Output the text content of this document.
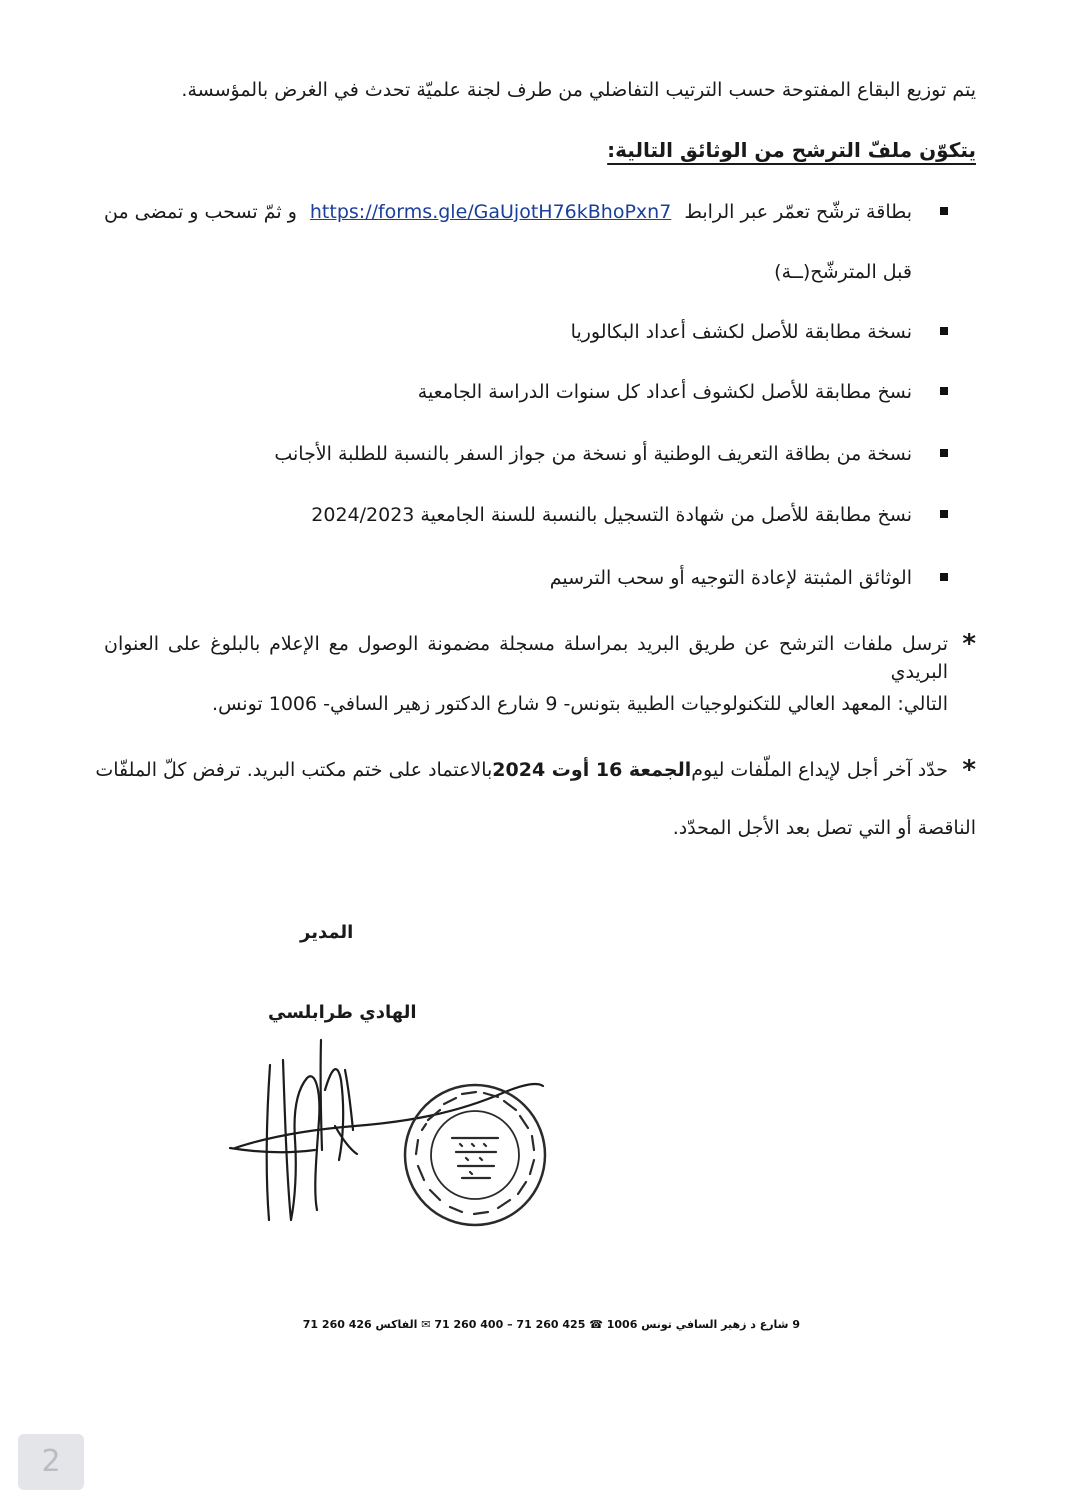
يتم توزيع البقاع المفتوحة حسب الترتيب التفاضلي من طرف لجنة علميّة تحدث في الغرض بالمؤسسة.
يتكوّن ملفّ الترشح من الوثائق التالية:
بطاقة ترشّح تعمّر عبر الرابط
https://forms.gle/GaUjotH76kBhoPxn7
و ثمّ تسحب و تمضى من
قبل المترشّح(ــة)
نسخة مطابقة للأصل لكشف أعداد البكالوريا
نسخ مطابقة للأصل لكشوف أعداد كل سنوات الدراسة الجامعية
نسخة من بطاقة التعريف الوطنية أو نسخة من جواز السفر بالنسبة للطلبة الأجانب
نسخ مطابقة للأصل من شهادة التسجيل بالنسبة للسنة الجامعية 2024/2023
الوثائق المثبتة لإعادة التوجيه أو سحب الترسيم
*
ترسل ملفات الترشح عن طريق البريد بمراسلة مسجلة مضمونة الوصول مع الإعلام بالبلوغ على العنوان البريدي
التالي: المعهد العالي للتكنولوجيات الطبية بتونس- 9 شارع الدكتور زهير السافي- 1006 تونس.
*
حدّد آخر أجل لإيداع الملّفات ليوم
الجمعة 16 أوت 2024
بالاعتماد على ختم مكتب البريد. ترفض كلّ الملفّات
الناقصة أو التي تصل بعد الأجل المحدّد.
المدير
الهادي طرابلسي
9 شارع د زهير السافي تونس 1006 ☎ 425 260 71 – 400 260 71 ✉ الفاكس 426 260 71
2
